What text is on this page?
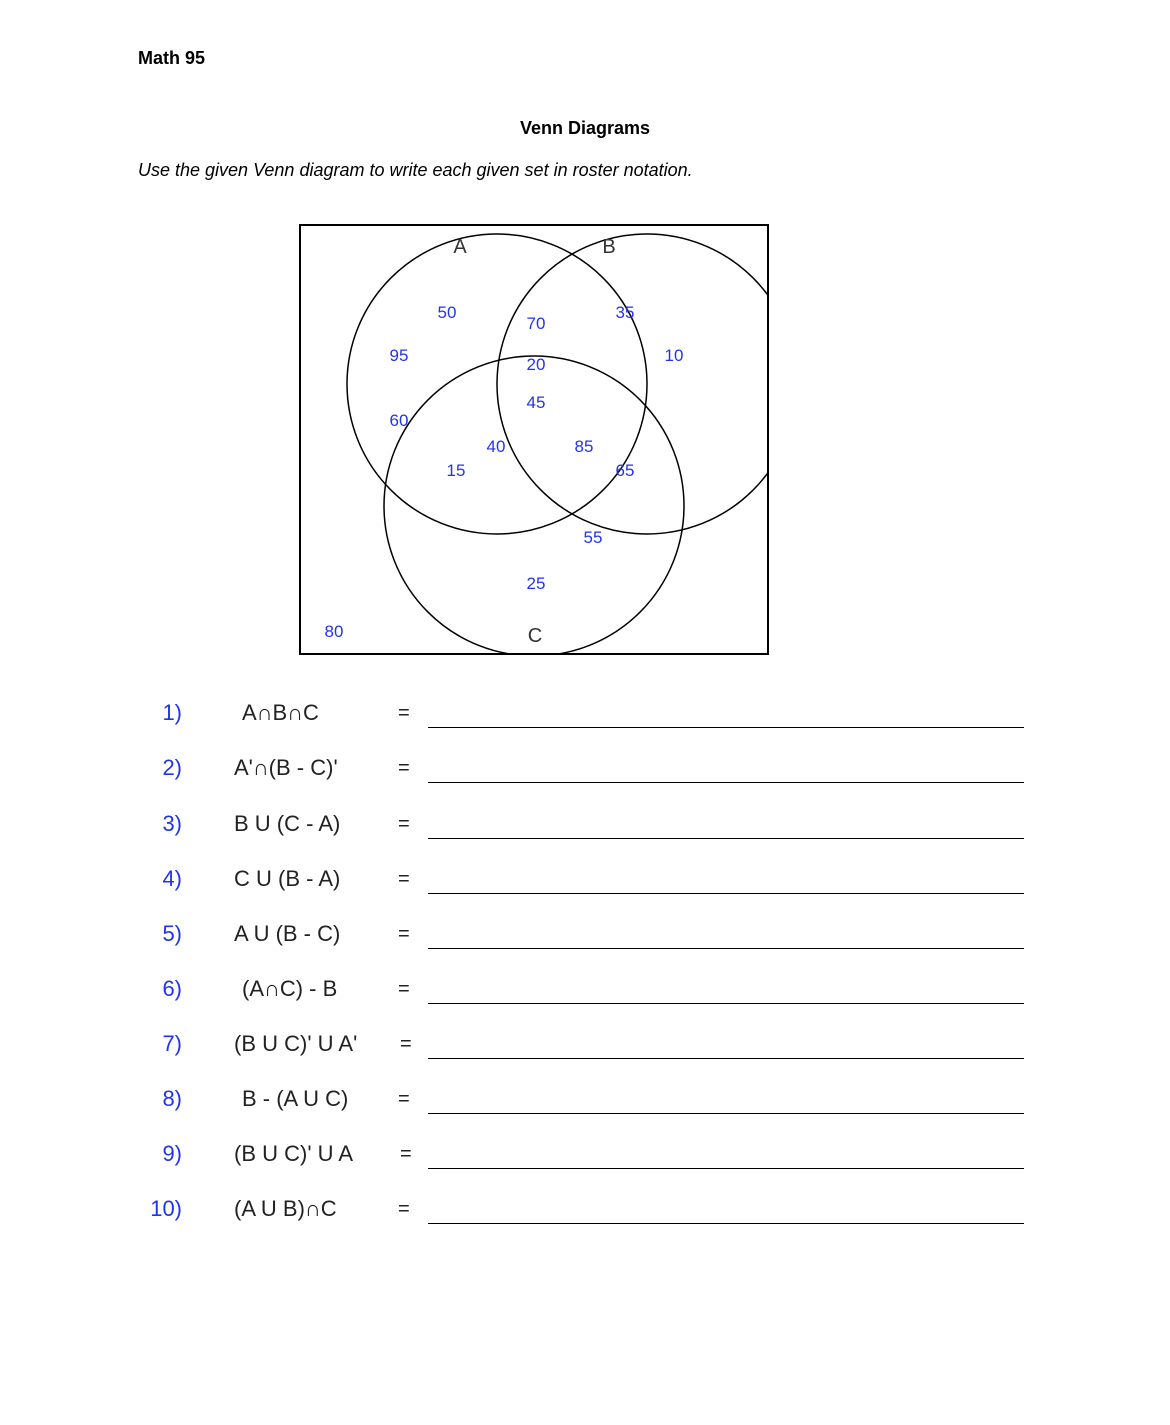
Math 95
Venn Diagrams
Use the given Venn diagram to write each given set in roster notation.
A	B
C
50
95
60
70
20
45
40
15
35
10
85
65
55
25
80
1)	A∩B∩C	=
2) A'∩(B - C)'	=
3) B U (C - A)	=
4) C U (B - A)	=
5) A U (B - C)	=
6)	(A∩C) - B	=
7) (B U C)' U A' =
8)	B - (A U C) =
9) (B U C)' U A =
10) (A U B)∩C	=
